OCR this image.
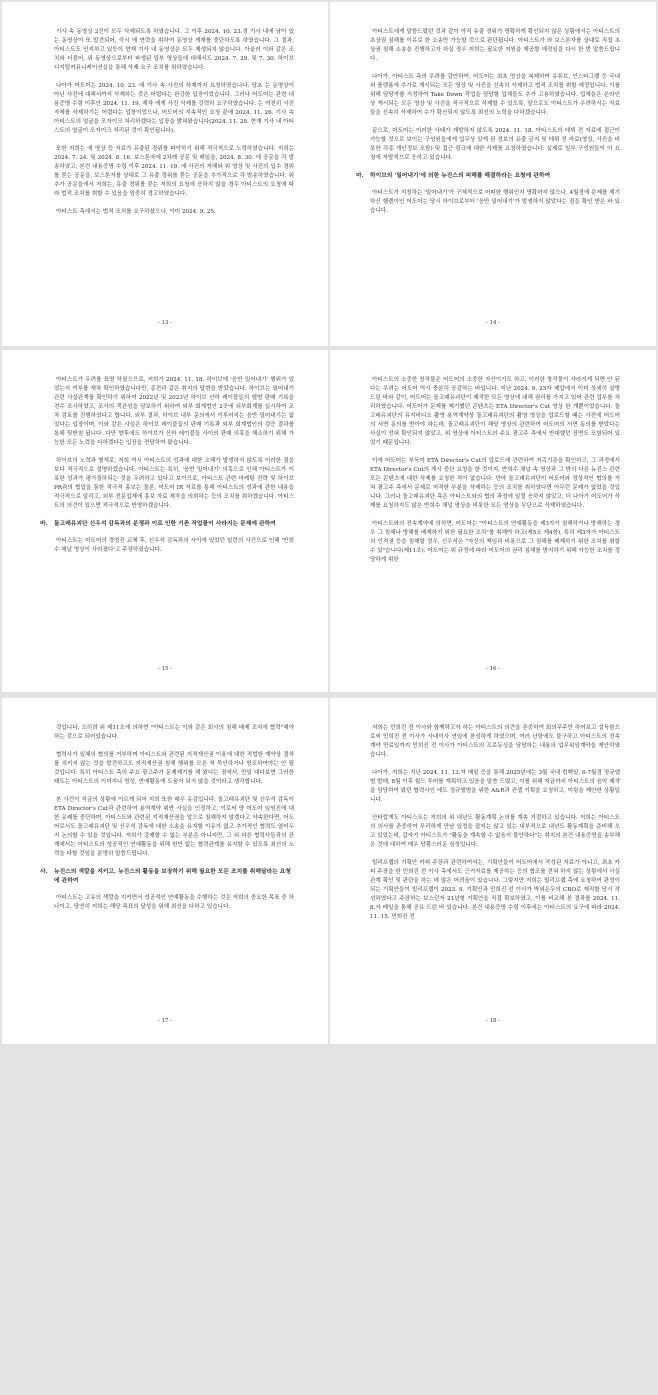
기사 속 동영상 2건이 모두 삭제되도록 하였습니다. 그 이후 2024. 10. 23.경 기사 내에 남아 있는 동영상이 또 발견되어, 즉시 에 연락을 취하여 동영상 게재를 중단하도록 하였습니다. 그 결과, 아티스트도 인지하고 있듯이 현재 기사 내 동영상은 모두 제생되지 않습니다. 아울러 이와 같은 조치와 더불어, 위 동영상으로부터 파생된 일부 영상들에 대해서도 2024. 7. 29. 및 7. 30. 하이브 디지털커뮤니케이션실을 통해 삭제 요구 조치를 취하였습니다.

나아가 어도어는 2024. 10. 23. 에 기사 속 사진의 삭제까지 요청하였습니다. 당초 는 동영상이 아닌 사진에 대해서까지 삭제하는 것은 어렵다는 완강한 입장이었습니다. 그러나 어도어는 관련 내용증명 수령 이후인 2024. 11. 19. 재차 에게 사진 삭제를 강력히 요구하였습니다. 는 여전히 사진 자체를 삭제하기는 어렵다는 입장이었으나, 어도어의 지속적인 요청 끝에 2024. 11. 26. 기사 속 아티스트의 얼굴을 모자이크 처리하겠다는 입장을 밝혀왔습니다(2024. 11. 28. 현재 기사 내 아티스트의 얼굴이 모자이크 처리된 것이 확인됩니다).

또한 저희는 에 영상 등 자료가 유출된 경위를 파악하기 위해 적극적으로 노력하였습니다. 저희는 2024. 7. 24. 및 2024. 8. 16. 보스톤자에 2차례 공문 및 메일을, 2024. 8. 30. 에 공문을 각 발송하였고, 본건 내용증명 수령 이후 2024. 11. 19. 에 사진의 저해와 위 영상 및 사진의 입수 경위를 묻는 공문을, 보스톤자를 상대로 그 유출 경위를 묻는 공문을 추가적으로 각 발송하였습니다. 위 추가 공문들에서 저희는, 유출 경위를 묻는 저희의 요청에 응하지 않을 경우 아티스트의 요청에 따라 법적 조치를 취할 수 있음을 엄중히 경고하였습니다.

아티스트 측에서는 법적 조치를 요구하셨으나, 이미 2024. 9. 25.

- 13 -

아티스트에게 말씀드렸던 것과 같이 아직 유출 경위가 명확하게 확인되지 않은 상황에서는 아티스트의 초상권 침해를 이유로 한 소송만 가능할 것으로 판단됩니다. 아티스트가 와 보스톤자를 상대로 직접 초상권 침해 소송을 진행하고자 하실 경우 저희는 필요한 지원을 제공할 예정임을 다시 한 번 말씀드립니다.

나아가, 아티스트 측의 우려를 감안하여, 어도어는 최초 영상을 복제하여 유튜브, 인스타그램 등 국내외 플랫폼에 추가로 게시되는 모든 영상 및 사진을 신속히 삭제하고 법적 조치를 취할 예정입니다. 이를 위해 담당자를 지정하여 Take Down 작업을 담당할 업체들도 추가 고용하였습니다. 업체들은 온라인상 게시되는 모든 영상 및 사진을 적극적으로 삭제할 수 있도록, 앞으로도 아티스트가 우려하시는 자료들을 신속히 삭제하여 수가 확산되지 않도록 최선의 노력을 다하겠습니다.

끝으로, 어도어는 이러한 사태가 재발하지 않도록 2024. 11. 18. 아티스트의 데뷔 전 자료에 접근이 가능할 것으로 보이는 구성원들에게 업무상 알게 된 정보의 유출 금지 및 데뷔 전 자료(영상, 사진을 비롯한 각종 개인정보 포함) 및 접근 링크에 대한 삭제를 요청하였습니다. 실제로 일부 구성원들이 이 요청에 자발적으로 응하고 있습니다.

마.	하이브의 '밀어내기'에 의한 뉴진스의 피해를 해결하라는 요청에 관하여

아티스트가 지칭하는 '밀어내기'가 구체적으로 어떠한 행위인지 명확하지 않으나, 4월경에 문제를 제기하신 헬렌이인 어도어는 당시 하이브로부터 '음반 밀어내기'가 발생하지 않았다는 점을 확인 받은 바 있습니다.

- 14 -

아티스트가 우려를 표명 하셨으므로, 저희가 2024. 11. 18. 하이브에 '음반 밀어내기' 행위가 있었는지 여부를 재차 확인하였습니다만, 종전과 같은 취지의 답변을 받았습니다. 하이브는 밀어내기 관련 사실관계를 확인하기 위하여 2022년 및 2023년 하이브 산하 레이블들의 앨범 판매 기록을 전수 조사하였고, 조사의 객관성을 담보하기 위하여 외부 회계법인 2곳에 외부회계를 실시하여 교차 검토를 진행하였다고 합니다. 외부 결과, 하이브 내부 문의에서 이루어지는 음반 밀어내기는 없었다는 입장이며, 이와 같은 사실은 하이브 레이블들의 판매 기록과 외부 회계법인의 검증 결과를 통해 뒷받침 됩니다. 다만 향후에도 하이브가 산하 레이블들 사이의 판매 의혹을 해소하기 위해 가능한 모든 노력을 다하겠다는 입장을 전달하여 왔습니다.

하이브의 노력과 별개로, 저희 역시 아티스트의 성과에 대한 오해가 발생하지 않도록 이러한 점을 보다 적극적으로 설명하겠습니다. 아티스트는 특히, '음반 밀어내기' 의혹으로 인해 아티스트가 이룩한 성과가 평가절하되는 것을 우려하고 있다고 보이므로, 아티스트 관련 마케팅 전략 및 하이브 PR과의 협업을 통한 적극적 홍보는 물론, 어도어 IR 자료를 통해 아티스트의 성과에 관한 내용을 적극적으로 알리고, 외부 전문업체에 홍보 자료 제작을 의뢰하는 등의 조치를 취하겠습니다. 아티스트의 의견이 있으면 적극적으로 반영하겠습니다.

바.	돌고래유괴단 신우석 감독과의 분쟁과 이로 인한 기존 작업물이 사라지는 문제에 관하여

아티스트는 어도어의 경영진 교체 후, 신우석 감독과의 사이에 있었던 일련의 사건으로 인해 '반희수 채널 영상이 사라졌다'고 주장하셨습니다.

- 15 -

아티스트의 소중한 창작물은 어도어의 소중한 자산이기도 하고, 이러한 창작물이 사라지게 되면 안 된다는 우려는 어도어 역시 충분히 공감하는 바입니다. 지난 2024. 9. 25자 제압에서 이미 상세히 설명 드린 바와 같이, 어도어는 돌고래유괴단이 제작한 모든 영상에 대해 권리를 가지고 있어 관련 업무를 처리하였습니다. 어도어가 문제를 제기했던 콘텐츠는 ETA Director's Cut 영상 한 개뿐이었습니다. 돌고래유괴단의 뮤지비디오 촬영 용역계약상 돌고래유괴단의 촬영 영상을 업로드할 때는 사전에 어도어의 서면 동의를 받아야 하는데, 돌고래유괴단이 해당 영상의 관련하여 어도어의 서면 동의를 받았다는 사실이 전혀 확인되지 않았고, 위 영상에 아티스트의 주요 광고주 측에서 반대했던 장면도 포함되어 있었기 때문입니다.

이에 어도어는 부득이 ETA Director's Cut의 업로드에 관련하여 저촉기준을 확인하고, 그 과정에서 ETA Director's Cut의 게시 중단 요청을 한 것이지, 반희수 채널 속 영상과 그 밖의 다른 뉴진스 관련 모든 콘텐츠에 대한 삭제를 요청한 적이 없습니다. 만약 돌고래유괴단이 어도어와 정상적인 협의를 거쳐 광고주 측에서 문제로 지적한 부분을 삭제하는 등의 조치를 취하였다면 아무런 문제가 없었을 것입니다. 그러나 돌고래유괴단 측은 아티스트와의 협의 과정에 일절 응하지 않았고, 더 나아가 어도어가 삭제를 요청하지도 않은 반희수 채널 영상을 비롯한 모든 영상을 무단으로 삭제하였습니다.

아티스트와의 전속계약에 의하면, 어도어는 "아티스트의 연예활동을 제3자가 침해하거나 방해하는 경우 그 침해나 방해를 배제하기 위한 필요한 조치"를 취해야 하고(제5조 제4항), 특히 제3자가 아티스트의 인격권 등을 침해할 경우, 신우석은 "자신의 책임과 비용으로 그 침해를 배제하기 위한 조치를 취할 수 있"습니다(제11조). 어도어는 위 규정에 따라 어도어의 권리 침해를 방지하기 위해 가능한 조치를 정당하게 취한

- 16 -

것입니다. 오히려 위 제11조에 의하면 "아티스트는 이와 같은 회사의 침해 배제 조치에 협력"해야 하는 것으로 되어있습니다.

협력사가 일체의 협의를 거부하며 아티스트와 관련된 지적재산권 이용에 대한 적법한 계약상 절차를 지키지 않는 것을 발견하고도 지적재산권 침해 행위를 모른 척 묵인하거나 방조하여야는 안 될 것입니다. 특히 아티스트 측의 주요 광고주가 문제제기를 해 왔다는 점에서, 만일 대다보면 그러한 태도는 아티스트의 이미지나 명성, 연예활동에 도움이 되지 않을 것이라고 생각합니다.

본 사건이 지금의 상황에 이르게 되어 저희 또한 매우 유감입니다. 돌고래유괴단 및 신우석 감독이 ETA Director's Cut과 관련하여 용역계약 위반 사실을 인정하고, 이로써 양 어도어 임원진에 대한 유쾌를 중단하며, 아티스트와 관련된 지적재산권을 앞으로 침해하지 않겠다고 약속한다면, 어도어로서도 돌고래유괴단 및 신우석 감독에 대한 소송을 유지할 이유가 없고 추가적인 협력도 열어두지 논의할 수 있을 것입니다. 저희가 강제할 수 없는 부분은 아니지만, 그 외 다른 협력사들과의 관계에서는 아티스트의 성공적인 연예활동을 위해 원만 없는 협력관계를 유지할 수 있도록 최선의 노력을 다할 것임을 분명히 말씀드립니다.

사.	뉴진스의 색깔을 지키고, 뉴진스의 활동을 보장하기 위해 필요한 모든 조치를 취해달라는 요청에 관하여

아티스트는 고유의 색깔을 지키면서 성공적인 연예활동을 수행하는 것은 저희의 중요한 목표 중 하나이고, 당연히 저희는 해당 목표의 달성을 위해 최선을 다하고 있습니다.

- 17 -

저희는 민희진 전 이사와 함께하고자 하는 아티스트의 의견을 존중하여 회의무주만 하여보고 설득함으로써 민희진 전 이사가 사내이사 연임에 찬성하게 하였으며, 여러 난항에도 불구하고 아티스트의 전속계약 만료일까지 민희진 전 이사가 아티스트의 프로듀싱을 담당하는 내용의 업무위임계약을 제안하였습니다.

나아가, 저희는 지난 2024. 11. 13.자 메일 등을 통해 2025년에는 3월 국내 컴백일, 6-7월경 정규앨범 발매, 8월 이후 월드 투어를 계획하고 있음을 말씀 드렸고, 이를 위해 지금까지 아티스트의 음악 제작을 담당하여 왔던 협력사인 에도 정규앨범을 위한 A&R과 컨셉 기획을 요청하고, 미팅을 제안한 상황입니다.

안타깝게도 아티스트는 저희의 위 내년도 활동계획 논의를 계속 거절하고 있습니다. 저희는 아티스트의 의사를 존중하여 무리하게 만남 일정을 잡지는 않고 있는 내부적으로 내년도 활동계획을 준비해 오고 있었는데, 갑자기 아티스트가 "활동을 계속할 수 없음지 불안하다"는 취지의 본건 내용증명을 송부해 온 것에 대하여 매우 당황스러운 심정입니다.

빌리프랩의 기획안 카피 주장과 관련하여서는, 기획안들이 어도어에서 작성된 자료가 아니고, 최초 카피 주장을 한 민희진 전 이사 측에서도 근거자료를 제공하는 등의 협조를 전혀 하지 않는 상황에서 사실관계 확인 및 판단을 하는 데 많은 어려움이 있습니다. 그렇지만 저희는 빌리프랩 측에 요청하여 판정이 되는 기획안들이 빌리프랩이 2023. 9. 기획안과 민희진 전 이사가 박외든두의 CBO로 재직할 당시 작성하였다고 주장하는 보스턴저 21년형 기획안을 직접 확보하였고, 이를 비교해 본 결과를 2024. 11. 8.자 메일을 통해 공유 드린 바 있습니다. 본건 내용증명 수령 이후에는 아티스트의 요구에 따라 2024. 11. 15. 민희진 전

- 18 -
